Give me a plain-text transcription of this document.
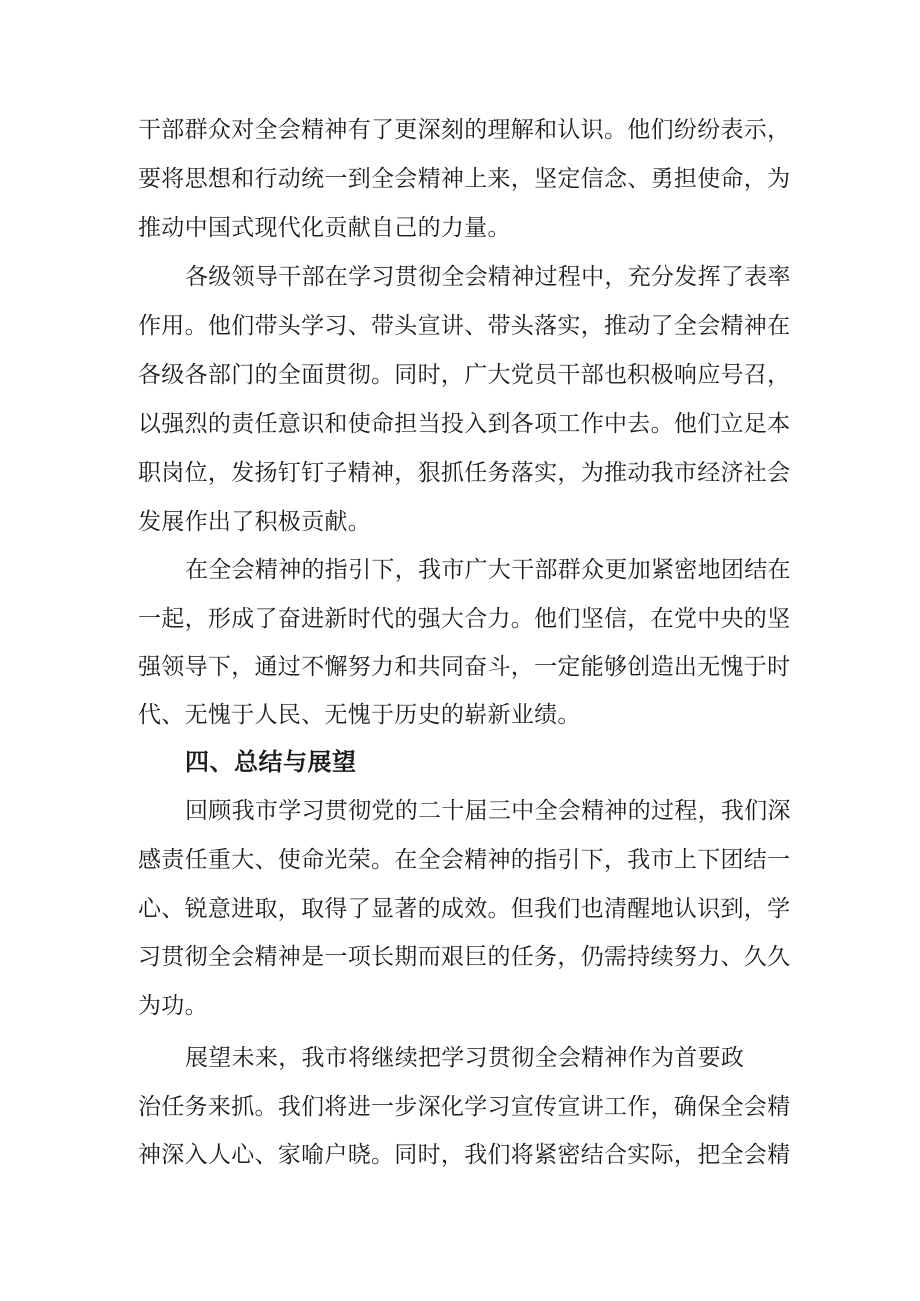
干部群众对全会精神有了更深刻的理解和认识。他们纷纷表示，
要将思想和行动统一到全会精神上来，坚定信念、勇担使命，为
推动中国式现代化贡献自己的力量。
各级领导干部在学习贯彻全会精神过程中，充分发挥了表率
作用。他们带头学习、带头宣讲、带头落实，推动了全会精神在
各级各部门的全面贯彻。同时，广大党员干部也积极响应号召，
以强烈的责任意识和使命担当投入到各项工作中去。他们立足本
职岗位，发扬钉钉子精神，狠抓任务落实，为推动我市经济社会
发展作出了积极贡献。
在全会精神的指引下，我市广大干部群众更加紧密地团结在
一起，形成了奋进新时代的强大合力。他们坚信，在党中央的坚
强领导下，通过不懈努力和共同奋斗，一定能够创造出无愧于时
代、无愧于人民、无愧于历史的崭新业绩。
四、总结与展望
回顾我市学习贯彻党的二十届三中全会精神的过程，我们深
感责任重大、使命光荣。在全会精神的指引下，我市上下团结一
心、锐意进取，取得了显著的成效。但我们也清醒地认识到，学
习贯彻全会精神是一项长期而艰巨的任务，仍需持续努力、久久
为功。
展望未来，我市将继续把学习贯彻全会精神作为首要政
治任务来抓。我们将进一步深化学习宣传宣讲工作，确保全会精
神深入人心、家喻户晓。同时，我们将紧密结合实际，把全会精
